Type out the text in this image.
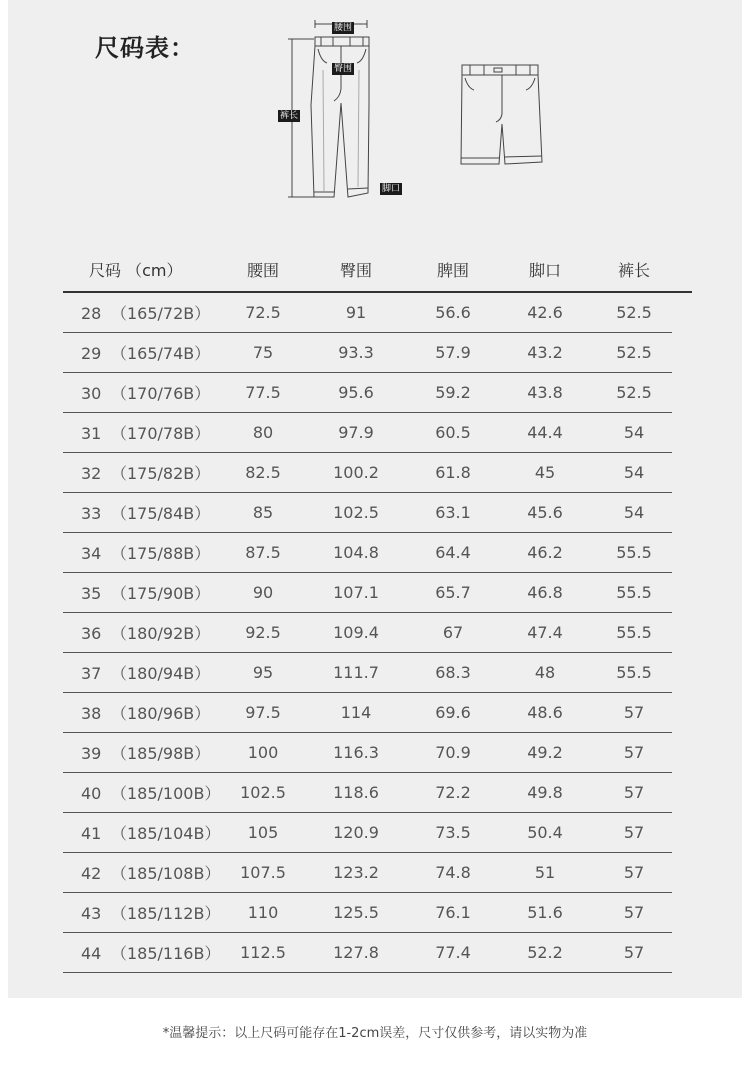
尺码表：
腰围
臀围
裤长
脚口
尺码 （cm）	腰围	臀围	脾围	脚口	裤长
28 （165/72B）	72.5	91	56.6	42.6	52.5
29 （165/74B）	75	93.3	57.9	43.2	52.5
30 （170/76B）	77.5	95.6	59.2	43.8	52.5
31 （170/78B）	80	97.9	60.5	44.4	54
32 （175/82B）	82.5	100.2	61.8	45	54
33 （175/84B）	85	102.5	63.1	45.6	54
34 （175/88B）	87.5	104.8	64.4	46.2	55.5
35 （175/90B）	90	107.1	65.7	46.8	55.5
36 （180/92B）	92.5	109.4	67	47.4	55.5
37 （180/94B）	95	111.7	68.3	48	55.5
38 （180/96B）	97.5	114	69.6	48.6	57
39 （185/98B）	100	116.3	70.9	49.2	57
40 （185/100B）	102.5	118.6	72.2	49.8	57
41 （185/104B）	105	120.9	73.5	50.4	57
42 （185/108B）	107.5	123.2	74.8	51	57
43 （185/112B）	110	125.5	76.1	51.6	57
44 （185/116B）	112.5	127.8	77.4	52.2	57
*温馨提示：以上尺码可能存在1-2cm误差，尺寸仅供参考，请以实物为准
